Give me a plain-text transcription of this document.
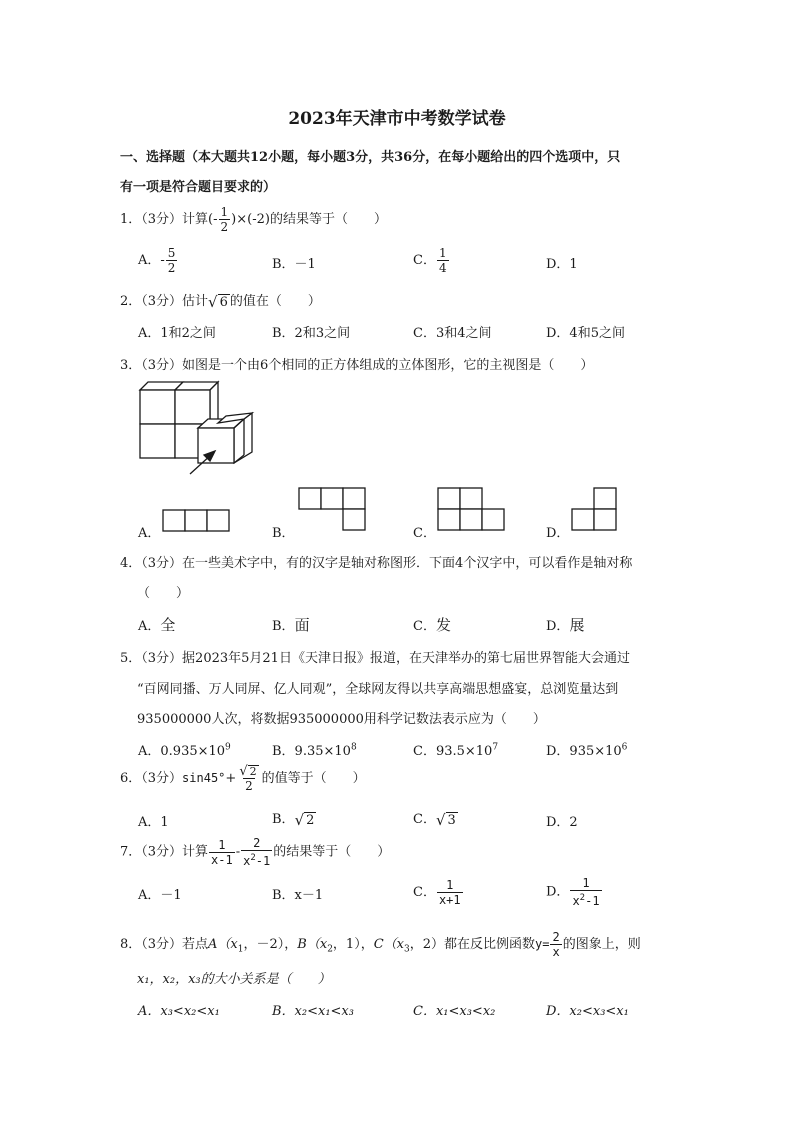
2023年天津市中考数学试卷
一、选择题（本大题共12小题，每小题3分，共36分，在每小题给出的四个选项中，只
有一项是符合题目要求的）
1．（3分）计算(- $\frac{1}{2} )\times(-2)$的结果等于（　　）
A．- $\frac{5}{2}$	B．－1	C． $\frac{1}{4}$	D．1
2．（3分）估计 √ 6 的值在（　　）
A．1和2之间	B．2和3之间	C．3和4之间	D．4和5之间
3．（3分）如图是一个由6个相同的正方体组成的立体图形，它的主视图是（　　）
A．	B．	C．	D．
4．（3分）在一些美术字中，有的汉字是轴对称图形．下面4个汉字中，可以看作是轴对称
（　　）
A．全	B．面	C．发	D．展
5．（3分）据2023年5月21日《天津日报》报道，在天津举办的第七届世界智能大会通过
“百网同播、万人同屏、亿人同观”，全球网友得以共享高端思想盛宴，总浏览量达到
935000000人次，将数据935000000用科学记数法表示应为（　　）
A．$0.935\times 10^9$	B．$9.35\times 10^8$	C．$93.5\times 10^7$	D．$935\times 10^6$
6．（3分）$\sin 45^\circ+ \frac{√ 2}{2}$ 的值等于（　　）
A．1	B． √ 2	C． √ 3	D．2
7．（3分）计算 $\frac{1}{x-1} - \frac{2}{x^2-1}$ 的结果等于（　　）
A．－1	B．x－1	C． $\frac{1}{x+1}$	D． $\frac{1}{x^2-1}$
8．（3分）若点$A(x_1$，－2），$B(x_2$，1），$C(x_3$，2）都在反比例函数$y= \frac{2}{x}$ 的图象上，则
x₁，x₂，x₃的大小关系是（　　）
A．x₃<x₂<x₁	B．x₂<x₁<x₃	C．x₁<x₃<x₂	D．x₂<x₃<x₁
